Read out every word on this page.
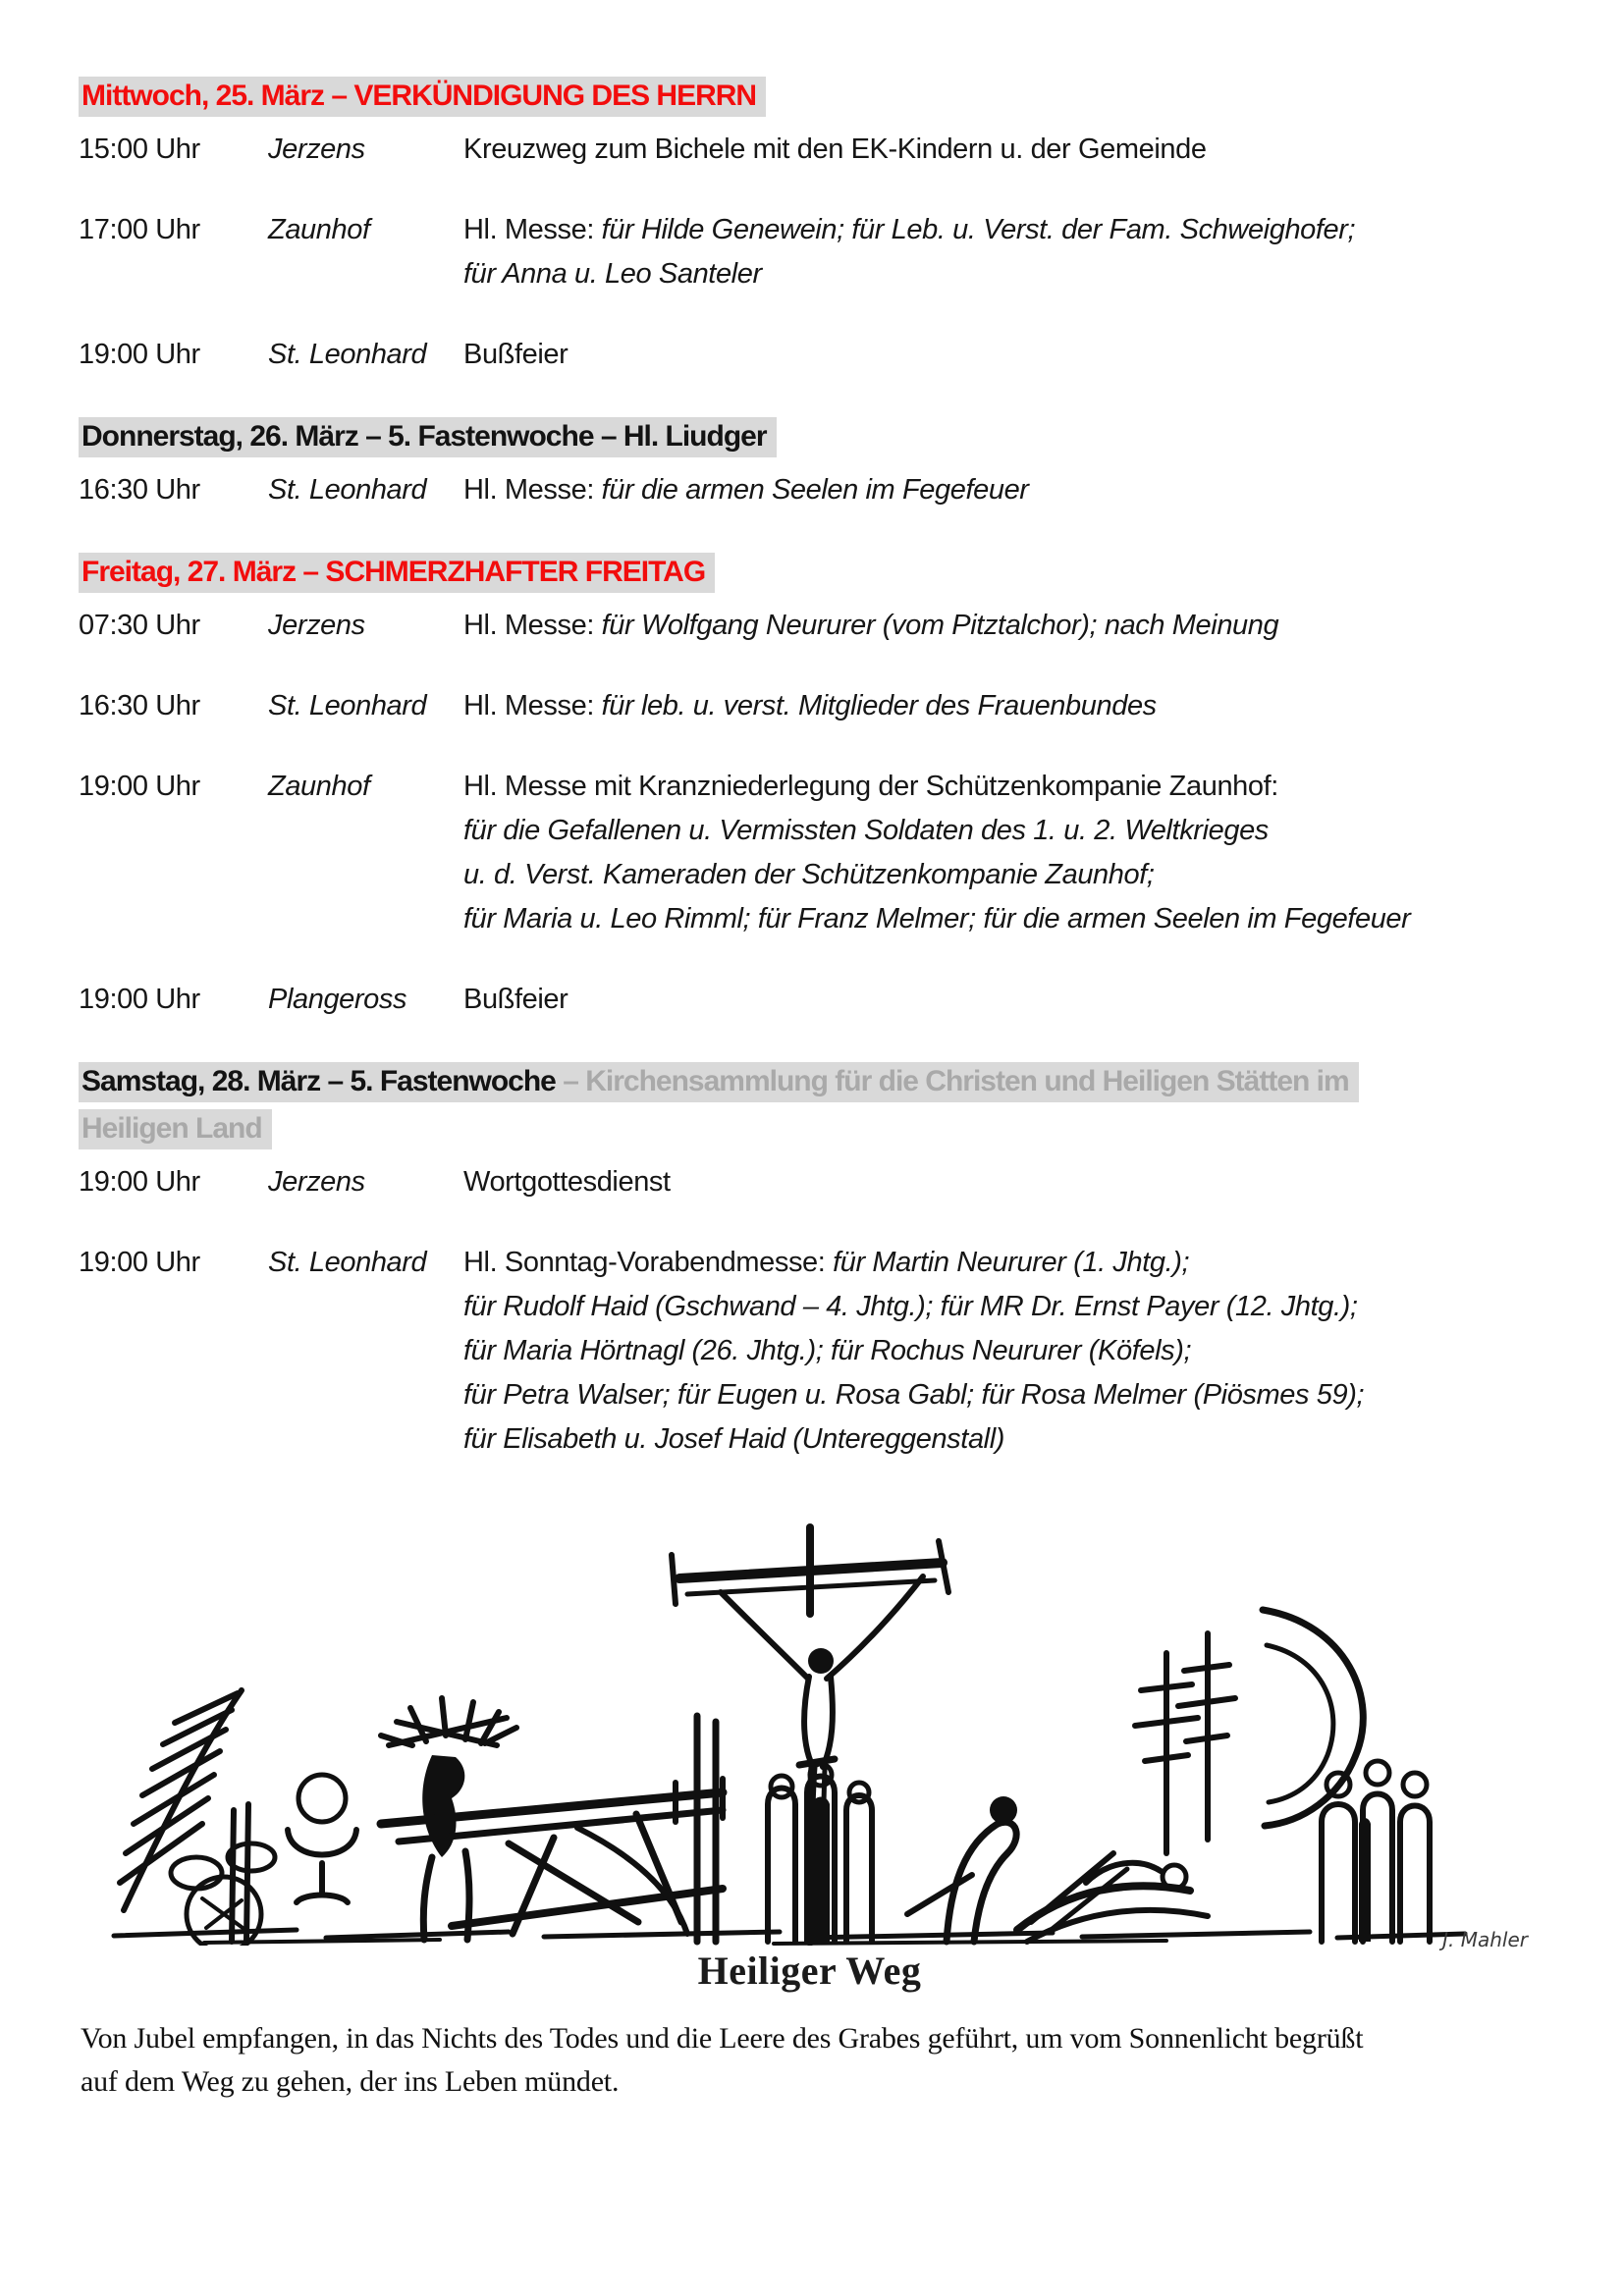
Mittwoch, 25. März – VERKÜNDIGUNG DES HERRN
15:00 Uhr	Jerzens	Kreuzweg zum Bichele mit den EK-Kindern u. der Gemeinde
17:00 Uhr	Zaunhof	Hl. Messe: für Hilde Genewein; für Leb. u. Verst. der Fam. Schweighofer;
für Anna u. Leo Santeler
19:00 Uhr	St. Leonhard	Bußfeier
Donnerstag, 26. März – 5. Fastenwoche – Hl. Liudger
16:30 Uhr	St. Leonhard	Hl. Messe: für die armen Seelen im Fegefeuer
Freitag, 27. März – SCHMERZHAFTER FREITAG
07:30 Uhr	Jerzens	Hl. Messe: für Wolfgang Neururer (vom Pitztalchor); nach Meinung
16:30 Uhr	St. Leonhard	Hl. Messe: für leb. u. verst. Mitglieder des Frauenbundes
19:00 Uhr	Zaunhof	Hl. Messe mit Kranzniederlegung der Schützenkompanie Zaunhof:
für die Gefallenen u. Vermissten Soldaten des 1. u. 2. Weltkrieges
u. d. Verst. Kameraden der Schützenkompanie Zaunhof;
für Maria u. Leo Rimml; für Franz Melmer; für die armen Seelen im Fegefeuer
19:00 Uhr	Plangeross	Bußfeier
Samstag, 28. März – 5. Fastenwoche – Kirchensammlung für die Christen und Heiligen Stätten im
Heiligen Land
19:00 Uhr	Jerzens	Wortgottesdienst
19:00 Uhr	St. Leonhard	Hl. Sonntag-Vorabendmesse: für Martin Neururer (1. Jhtg.);
für Rudolf Haid (Gschwand – 4. Jhtg.); für MR Dr. Ernst Payer (12. Jhtg.);
für Maria Hörtnagl (26. Jhtg.); für Rochus Neururer (Köfels);
für Petra Walser; für Eugen u. Rosa Gabl; für Rosa Melmer (Piösmes 59);
für Elisabeth u. Josef Haid (Untereggenstall)
J. Mahler
Heiliger Weg
Von Jubel empfangen, in das Nichts des Todes und die Leere des Grabes geführt, um vom Sonnenlicht begrüßt
auf dem Weg zu gehen, der ins Leben mündet.
